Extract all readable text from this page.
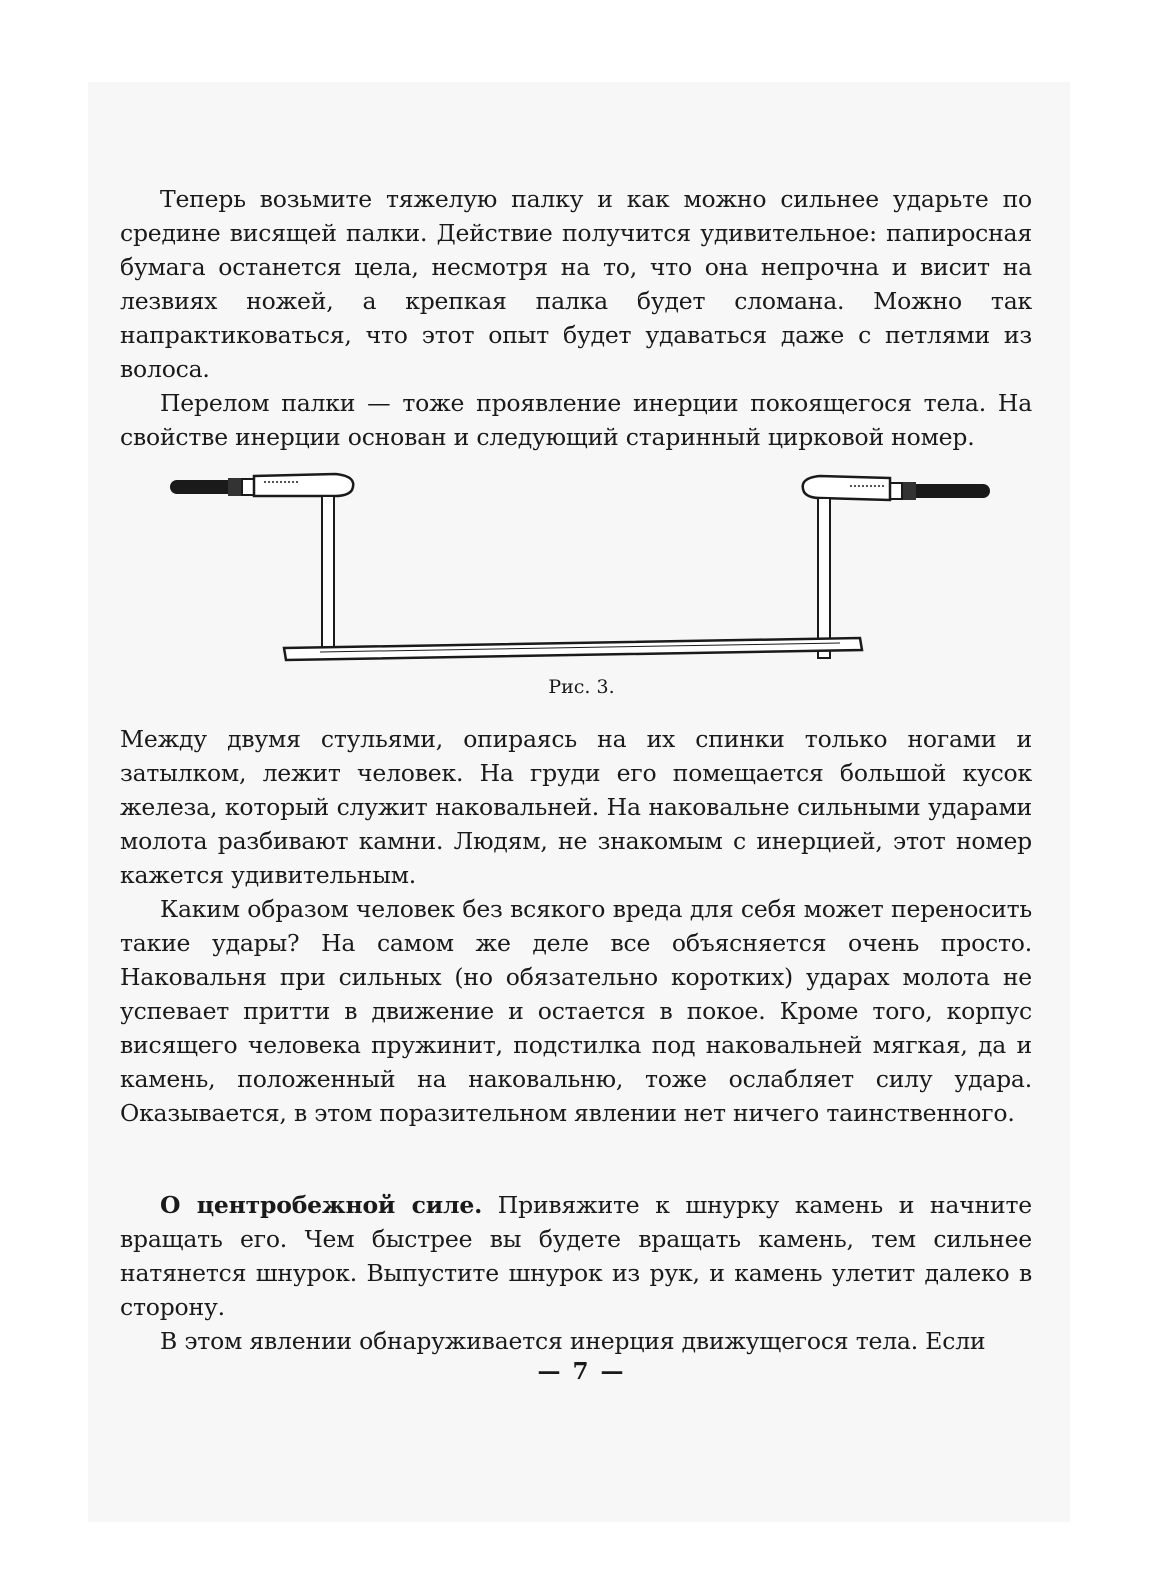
Теперь возьмите тяжелую палку и как можно сильнее ударьте по средине висящей палки. Действие получится удивительное: папиросная бумага останется цела, несмотря на то, что она непрочна и висит на лезвиях ножей, а крепкая палка будет сломана. Можно так напрактиковаться, что этот опыт будет удаваться даже с петлями из волоса.

Перелом палки — тоже проявление инерции покоящегося тела. На свойстве инерции основан и следующий старинный цирковой номер.

Рис. 3.

Между двумя стульями, опираясь на их спинки только ногами и затылком, лежит человек. На груди его помещается большой кусок железа, который служит наковальней. На наковальне сильными ударами молота разбивают камни. Людям, не знакомым с инерцией, этот номер кажется удивительным.

Каким образом человек без всякого вреда для себя может переносить такие удары? На самом же деле все объясняется очень просто. Наковальня при сильных (но обязательно коротких) ударах молота не успевает притти в движение и остается в покое. Кроме того, корпус висящего человека пружинит, подстилка под наковальней мягкая, да и камень, положенный на наковальню, тоже ослабляет силу удара. Оказывается, в этом поразительном явлении нет ничего таинственного.

О центробежной силе. Привяжите к шнурку камень и начните вращать его. Чем быстрее вы будете вращать камень, тем сильнее натянется шнурок. Выпустите шнурок из рук, и камень улетит далеко в сторону.

В этом явлении обнаруживается инерция движущегося тела. Если

— 7 —
